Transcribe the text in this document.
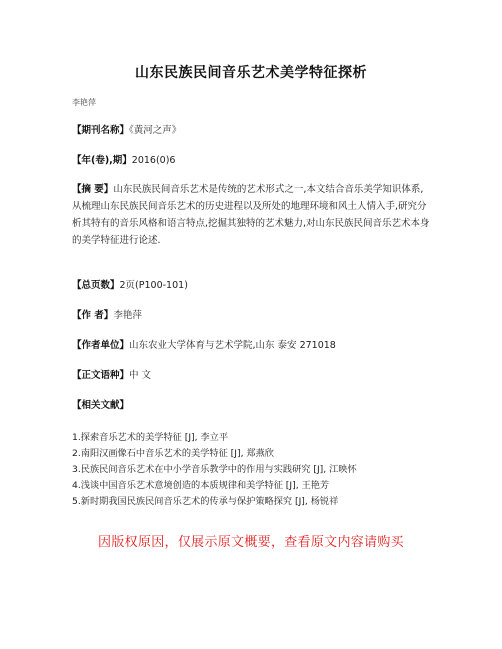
山东民族民间音乐艺术美学特征探析
李艳萍
【期刊名称】《黄河之声》
【年(卷),期】2016(0)6
【摘 要】山东民族民间音乐艺术是传统的艺术形式之一,本文结合音乐美学知识体系,从梳理山东民族民间音乐艺术的历史进程以及所处的地理环境和风土人情入手,研究分析其特有的音乐风格和语言特点,挖掘其独特的艺术魅力,对山东民族民间音乐艺术本身的美学特征进行论述.
【总页数】2页(P100-101)
【作 者】李艳萍
【作者单位】山东农业大学体育与艺术学院,山东 泰安 271018
【正文语种】中 文
【相关文献】
1.探索音乐艺术的美学特征 [J], 李立平
2.南阳汉画像石中音乐艺术的美学特征 [J], 郑燕欣
3.民族民间音乐艺术在中小学音乐教学中的作用与实践研究 [J], 江映怀
4.浅谈中国音乐艺术意境创造的本质规律和美学特征 [J], 王艳芳
5.新时期我国民族民间音乐艺术的传承与保护策略探究 [J], 杨锐祥
因版权原因，仅展示原文概要，查看原文内容请购买
